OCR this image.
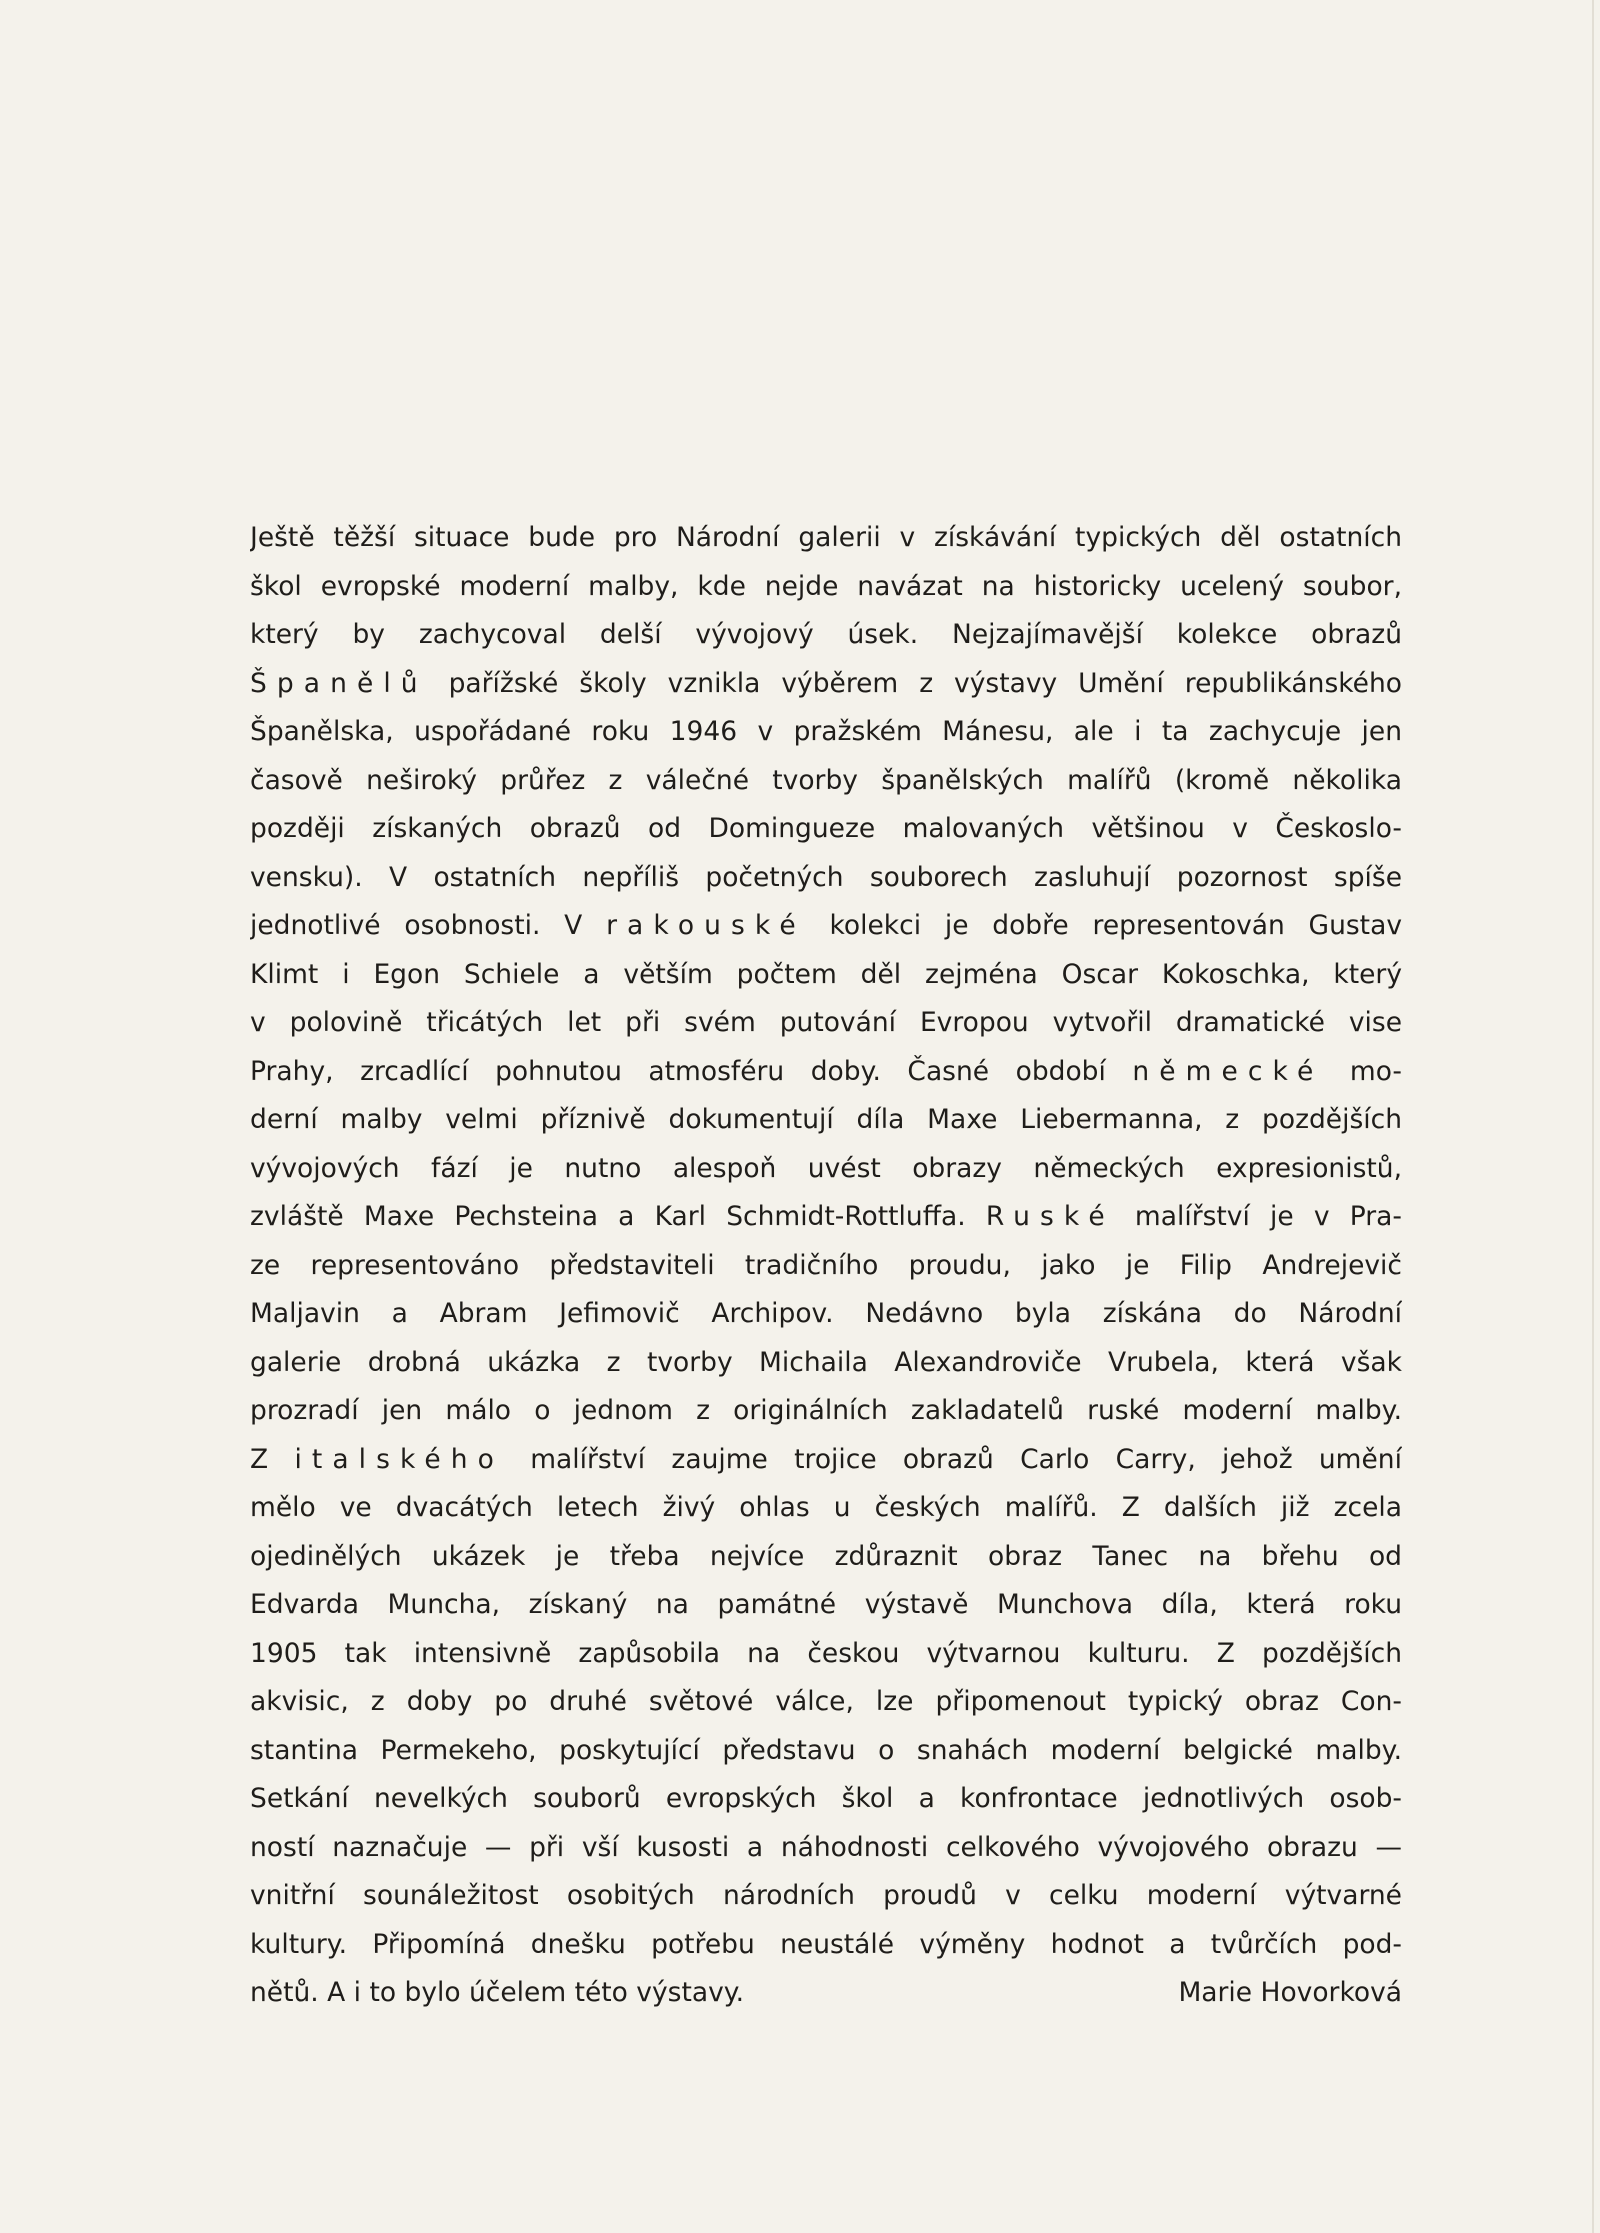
Ještě těžší situace bude pro Národní galerii v získávání typických děl ostatních
škol evropské moderní malby, kde nejde navázat na historicky ucelený soubor,
který by zachycoval delší vývojový úsek. Nejzajímavější kolekce obrazů
Španělů pařížské školy vznikla výběrem z výstavy Umění republikánského
Španělska, uspořádané roku 1946 v pražském Mánesu, ale i ta zachycuje jen
časově neširoký průřez z válečné tvorby španělských malířů (kromě několika
později získaných obrazů od Domingueze malovaných většinou v Českoslo-
vensku). V ostatních nepříliš početných souborech zasluhují pozornost spíše
jednotlivé osobnosti. V rakouské kolekci je dobře representován Gustav
Klimt i Egon Schiele a větším počtem děl zejména Oscar Kokoschka, který
v polovině třicátých let při svém putování Evropou vytvořil dramatické vise
Prahy, zrcadlící pohnutou atmosféru doby. Časné období německé mo-
derní malby velmi příznivě dokumentují díla Maxe Liebermanna, z pozdějších
vývojových fází je nutno alespoň uvést obrazy německých expresionistů,
zvláště Maxe Pechsteina a Karl Schmidt-Rottluffa. Ruské malířství je v Pra-
ze representováno představiteli tradičního proudu, jako je Filip Andrejevič
Maljavin a Abram Jefimovič Archipov. Nedávno byla získána do Národní
galerie drobná ukázka z tvorby Michaila Alexandroviče Vrubela, která však
prozradí jen málo o jednom z originálních zakladatelů ruské moderní malby.
Z italského malířství zaujme trojice obrazů Carlo Carry, jehož umění
mělo ve dvacátých letech živý ohlas u českých malířů. Z dalších již zcela
ojedinělých ukázek je třeba nejvíce zdůraznit obraz Tanec na břehu od
Edvarda Muncha, získaný na památné výstavě Munchova díla, která roku
1905 tak intensivně zapůsobila na českou výtvarnou kulturu. Z pozdějších
akvisic, z doby po druhé světové válce, lze připomenout typický obraz Con-
stantina Permekeho, poskytující představu o snahách moderní belgické malby.
Setkání nevelkých souborů evropských škol a konfrontace jednotlivých osob-
ností naznačuje — při vší kusosti a náhodnosti celkového vývojového obrazu —
vnitřní sounáležitost osobitých národních proudů v celku moderní výtvarné
kultury. Připomíná dnešku potřebu neustálé výměny hodnot a tvůrčích pod-
nětů. A i to bylo účelem této výstavy.	Marie Hovorková
